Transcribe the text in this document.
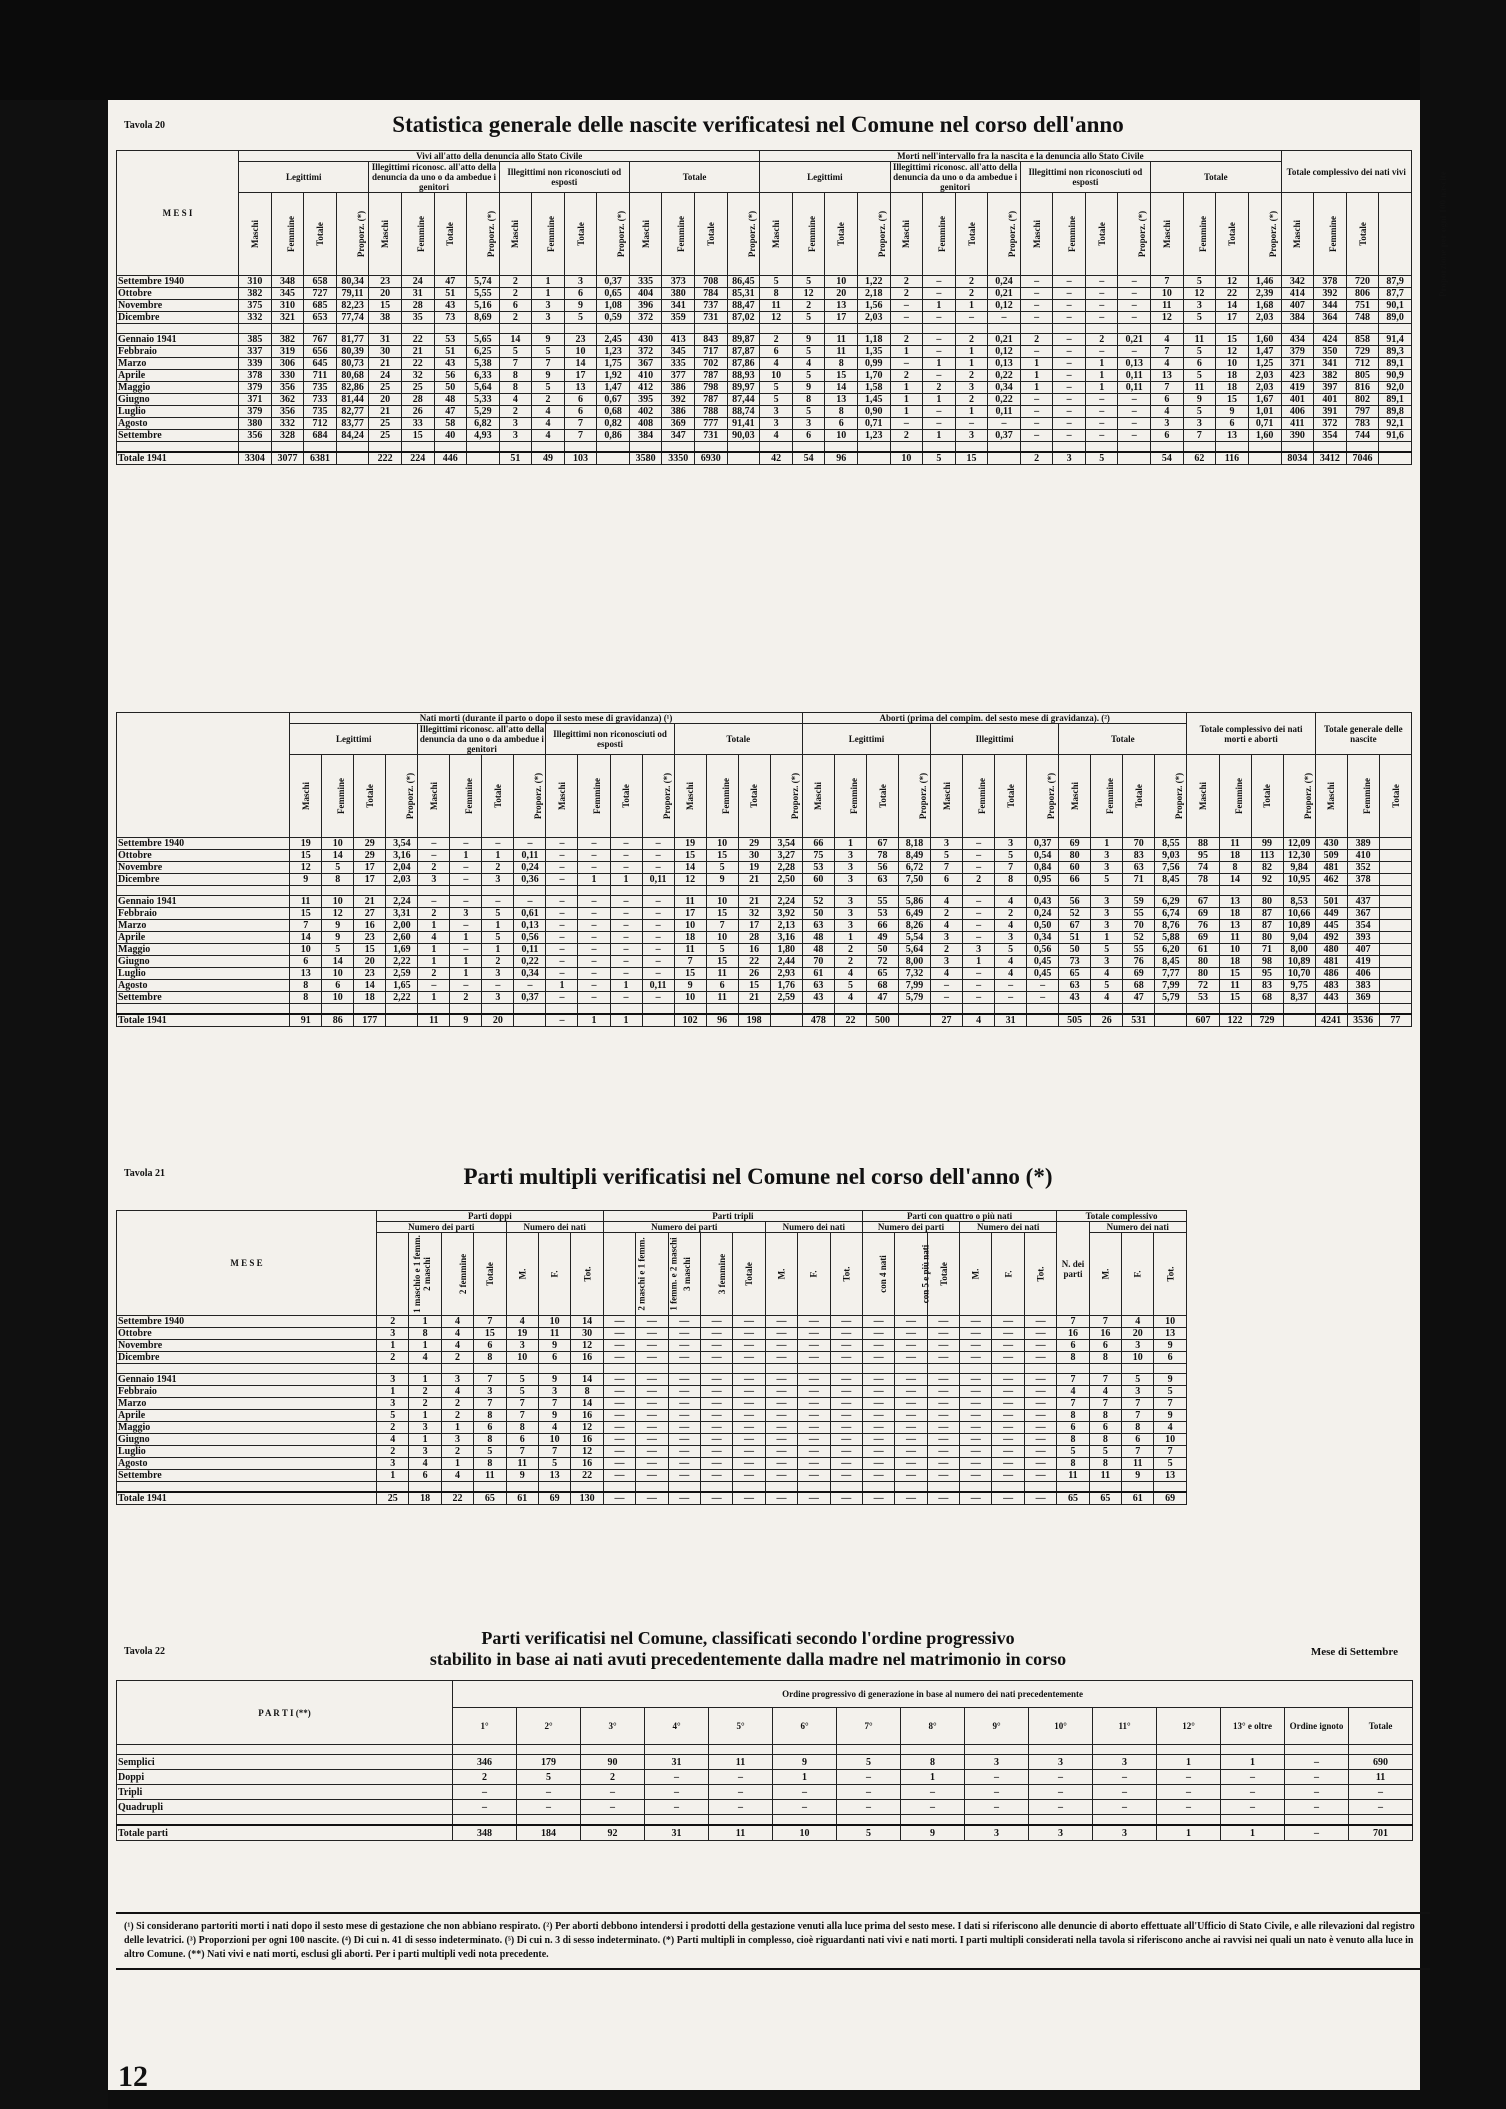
Tavola 20	Statistica generale delle nascite verificatesi nel Comune nel corso dell'anno
M E S I	Vivi all'atto della denuncia allo Stato Civile																Morti nell'intervallo fra la nascita e la denuncia allo Stato Civile																Totale complessivo dei nati vivi			
	Legittimi				Illegittimi riconosc. all'atto della denuncia da uno o da ambedue i genitori				Illegittimi non riconosciuti od esposti				Totale				Legittimi				Illegittimi riconosc. all'atto della denuncia da uno o da ambedue i genitori				Illegittimi non riconosciuti od esposti				Totale							
	Maschi	Femmine	Totale	Proporz. (*)	Maschi	Femmine	Totale	Proporz. (*)	Maschi	Femmine	Totale	Proporz. (*)	Maschi	Femmine	Totale	Proporz. (*)	Maschi	Femmine	Totale	Proporz. (*)	Maschi	Femmine	Totale	Proporz. (*)	Maschi	Femmine	Totale	Proporz. (*)	Maschi	Femmine	Totale	Proporz. (*)	Maschi	Femmine	Totale	Proporzione per ogni 100 nascite
Settembre 1940	310	348	658	80,34	23	24	47	5,74	2	1	3	0,37	335	373	708	86,45	5	5	10	1,22	2	–	2	0,24	–	–	–	–	7	5	12	1,46	342	378	720	87,9
Ottobre	382	345	727	79,11	20	31	51	5,55	2	1	6	0,65	404	380	784	85,31	8	12	20	2,18	2	–	2	0,21	–	–	–	–	10	12	22	2,39	414	392	806	87,7
Novembre	375	310	685	82,23	15	28	43	5,16	6	3	9	1,08	396	341	737	88,47	11	2	13	1,56	–	1	1	0,12	–	–	–	–	11	3	14	1,68	407	344	751	90,1
Dicembre	332	321	653	77,74	38	35	73	8,69	2	3	5	0,59	372	359	731	87,02	12	5	17	2,03	–	–	–	–	–	–	–	–	12	5	17	2,03	384	364	748	89,0

Gennaio 1941	385	382	767	81,77	31	22	53	5,65	14	9	23	2,45	430	413	843	89,87	2	9	11	1,18	2	–	2	0,21	2	–	2	0,21	4	11	15	1,60	434	424	858	91,4
Febbraio	337	319	656	80,39	30	21	51	6,25	5	5	10	1,23	372	345	717	87,87	6	5	11	1,35	1	–	1	0,12	–	–	–	–	7	5	12	1,47	379	350	729	89,3
Marzo	339	306	645	80,73	21	22	43	5,38	7	7	14	1,75	367	335	702	87,86	4	4	8	0,99	–	1	1	0,13	1	–	1	0,13	4	6	10	1,25	371	341	712	89,1
Aprile	378	330	711	80,68	24	32	56	6,33	8	9	17	1,92	410	377	787	88,93	10	5	15	1,70	2	–	2	0,22	1	–	1	0,11	13	5	18	2,03	423	382	805	90,9
Maggio	379	356	735	82,86	25	25	50	5,64	8	5	13	1,47	412	386	798	89,97	5	9	14	1,58	1	2	3	0,34	1	–	1	0,11	7	11	18	2,03	419	397	816	92,0
Giugno	371	362	733	81,44	20	28	48	5,33	4	2	6	0,67	395	392	787	87,44	5	8	13	1,45	1	1	2	0,22	–	–	–	–	6	9	15	1,67	401	401	802	89,1
Luglio	379	356	735	82,77	21	26	47	5,29	2	4	6	0,68	402	386	788	88,74	3	5	8	0,90	1	–	1	0,11	–	–	–	–	4	5	9	1,01	406	391	797	89,8
Agosto	380	332	712	83,77	25	33	58	6,82	3	4	7	0,82	408	369	777	91,41	3	3	6	0,71	–	–	–	–	–	–	–	–	3	3	6	0,71	411	372	783	92,1
Settembre	356	328	684	84,24	25	15	40	4,93	3	4	7	0,86	384	347	731	90,03	4	6	10	1,23	2	1	3	0,37	–	–	–	–	6	7	13	1,60	390	354	744	91,6

Totale 1941	3304	3077	6381		222	224	446		51	49	103		3580	3350	6930		42	54	96		10	5	15		2	3	5		54	62	116		8034	3412	7046	
	Nati morti (durante il parto o dopo il sesto mese di gravidanza) (¹)																Aborti (prima del compim. del sesto mese di gravidanza). (²)												Totale complessivo dei nati morti e aborti				Totale generale delle nascite		
	Legittimi				Illegittimi riconosc. all'atto della denuncia da uno o da ambedue i genitori				Illegittimi non riconosciuti od esposti				Totale				Legittimi				Illegittimi				Totale										
	Maschi	Femmine	Totale	Proporz. (*)	Maschi	Femmine	Totale	Proporz. (*)	Maschi	Femmine	Totale	Proporz. (*)	Maschi	Femmine	Totale	Proporz. (*)	Maschi	Femmine	Totale	Proporz. (*)	Maschi	Femmine	Totale	Proporz. (*)	Maschi	Femmine	Totale	Proporz. (*)	Maschi	Femmine	Totale	Proporz. (*)	Maschi	Femmine	Totale
Settembre 1940	19	10	29	3,54	–	–	–	–	–	–	–	–	19	10	29	3,54	66	1	67	8,18	3	–	3	0,37	69	1	70	8,55	88	11	99	12,09	430	389	
Ottobre	15	14	29	3,16	–	1	1	0,11	–	–	–	–	15	15	30	3,27	75	3	78	8,49	5	–	5	0,54	80	3	83	9,03	95	18	113	12,30	509	410	
Novembre	12	5	17	2,04	2	–	2	0,24	–	–	–	–	14	5	19	2,28	53	3	56	6,72	7	–	7	0,84	60	3	63	7,56	74	8	82	9,84	481	352	
Dicembre	9	8	17	2,03	3	–	3	0,36	–	1	1	0,11	12	9	21	2,50	60	3	63	7,50	6	2	8	0,95	66	5	71	8,45	78	14	92	10,95	462	378	

Gennaio 1941	11	10	21	2,24	–	–	–	–	–	–	–	–	11	10	21	2,24	52	3	55	5,86	4	–	4	0,43	56	3	59	6,29	67	13	80	8,53	501	437	
Febbraio	15	12	27	3,31	2	3	5	0,61	–	–	–	–	17	15	32	3,92	50	3	53	6,49	2	–	2	0,24	52	3	55	6,74	69	18	87	10,66	449	367	
Marzo	7	9	16	2,00	1	–	1	0,13	–	–	–	–	10	7	17	2,13	63	3	66	8,26	4	–	4	0,50	67	3	70	8,76	76	13	87	10,89	445	354	
Aprile	14	9	23	2,60	4	1	5	0,56	–	–	–	–	18	10	28	3,16	48	1	49	5,54	3	–	3	0,34	51	1	52	5,88	69	11	80	9,04	492	393	
Maggio	10	5	15	1,69	1	–	1	0,11	–	–	–	–	11	5	16	1,80	48	2	50	5,64	2	3	5	0,56	50	5	55	6,20	61	10	71	8,00	480	407	
Giugno	6	14	20	2,22	1	1	2	0,22	–	–	–	–	7	15	22	2,44	70	2	72	8,00	3	1	4	0,45	73	3	76	8,45	80	18	98	10,89	481	419	
Luglio	13	10	23	2,59	2	1	3	0,34	–	–	–	–	15	11	26	2,93	61	4	65	7,32	4	–	4	0,45	65	4	69	7,77	80	15	95	10,70	486	406	
Agosto	8	6	14	1,65	–	–	–	–	1	–	1	0,11	9	6	15	1,76	63	5	68	7,99	–	–	–	–	63	5	68	7,99	72	11	83	9,75	483	383	
Settembre	8	10	18	2,22	1	2	3	0,37	–	–	–	–	10	11	21	2,59	43	4	47	5,79	–	–	–	–	43	4	47	5,79	53	15	68	8,37	443	369	

Totale 1941	91	86	177		11	9	20		–	1	1		102	96	198		478	22	500		27	4	31		505	26	531		607	122	729		4241	3536	77
Tavola 21	Parti multipli verificatisi nel Comune nel corso dell'anno (*)
M E S E	Parti doppi							Parti tripli								Parti con quattro o più nati						Totale complessivo			
	Numero dei parti				Numero dei nati			Numero dei parti					Numero dei nati			Numero dei parti			Numero dei nati			N. dei parti	Numero dei nati		
	1 maschio e 1 femm.	2 maschi	2 femmine	Totale	M.	F.	Tot.	2 maschi e 1 femm.	1 femm. e 2 maschi	3 maschi	3 femmine	Totale	M.	F.	Tot.	con 4 nati	con 5 e più nati	Totale	M.	F.	Tot.		M.	F.	Tot.
Settembre 1940	2	1	4	7	4	10	14	—	—	—	—	—	—	—	—	—	—	—	—	—	—	7	7	4	10
Ottobre	3	8	4	15	19	11	30	—	—	—	—	—	—	—	—	—	—	—	—	—	—	16	16	20	13
Novembre	1	1	4	6	3	9	12	—	—	—	—	—	—	—	—	—	—	—	—	—	—	6	6	3	9
Dicembre	2	4	2	8	10	6	16	—	—	—	—	—	—	—	—	—	—	—	—	—	—	8	8	10	6

Gennaio 1941	3	1	3	7	5	9	14	—	—	—	—	—	—	—	—	—	—	—	—	—	—	7	7	5	9
Febbraio	1	2	4	3	5	3	8	—	—	—	—	—	—	—	—	—	—	—	—	—	—	4	4	3	5
Marzo	3	2	2	7	7	7	14	—	—	—	—	—	—	—	—	—	—	—	—	—	—	7	7	7	7
Aprile	5	1	2	8	7	9	16	—	—	—	—	—	—	—	—	—	—	—	—	—	—	8	8	7	9
Maggio	2	3	1	6	8	4	12	—	—	—	—	—	—	—	—	—	—	—	—	—	—	6	6	8	4
Giugno	4	1	3	8	6	10	16	—	—	—	—	—	—	—	—	—	—	—	—	—	—	8	8	6	10
Luglio	2	3	2	5	7	7	12	—	—	—	—	—	—	—	—	—	—	—	—	—	—	5	5	7	7
Agosto	3	4	1	8	11	5	16	—	—	—	—	—	—	—	—	—	—	—	—	—	—	8	8	11	5
Settembre	1	6	4	11	9	13	22	—	—	—	—	—	—	—	—	—	—	—	—	—	—	11	11	9	13

Totale 1941	25	18	22	65	61	69	130	—	—	—	—	—	—	—	—	—	—	—	—	—	—	65	65	61	69
Tavola 22
Parti verificatisi nel Comune, classificati secondo l'ordine progressivo
stabilito in base ai nati avuti precedentemente dalla madre nel matrimonio in corso	Mese di Settembre
P A R T I (**)	Ordine progressivo di generazione in base al numero dei nati precedentemente														
	1°	2°	3°	4°	5°	6°	7°	8°	9°	10°	11°	12°	13° e oltre	Ordine ignoto	Totale

Semplici	346	179	90	31	11	9	5	8	3	3	3	1	1	–	690
Doppi	2	5	2	–	–	1	–	1	–	–	–	–	–	–	11
Tripli	–	–	–	–	–	–	–	–	–	–	–	–	–	–	–
Quadrupli	–	–	–	–	–	–	–	–	–	–	–	–	–	–	–

Totale parti	348	184	92	31	11	10	5	9	3	3	3	1	1	–	701
(¹) Si considerano partoriti morti i nati dopo il sesto mese di gestazione che non abbiano respirato. (²) Per aborti debbono intendersi i prodotti della gestazione venuti alla luce prima del sesto mese. I dati si riferiscono alle denuncie di aborto effettuate all'Ufficio di Stato Civile, e alle rilevazioni dal registro delle levatrici. (³) Proporzioni per ogni 100 nascite. (⁴) Di cui n. 41 di sesso indeterminato. (⁵) Di cui n. 3 di sesso indeterminato. (*) Parti multipli in complesso, cioè riguardanti nati vivi e nati morti. I parti multipli considerati nella tavola si riferiscono anche ai ravvisi nei quali un nato è venuto alla luce in altro Comune. (**) Nati vivi e nati morti, esclusi gli aborti. Per i parti multipli vedi nota precedente.
12
